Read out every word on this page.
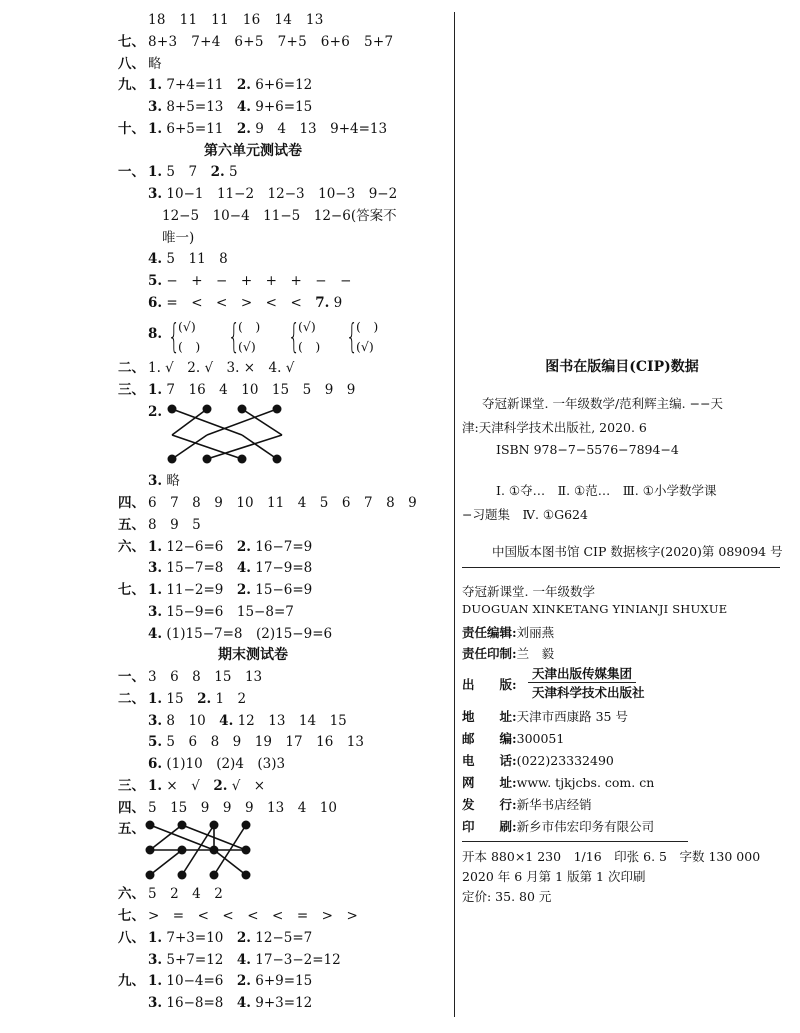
18　11　11　16　14　13
七、 8+3　7+4　6+5　7+5　6+6　5+7
八、 略
九、 1. 7+4=11　 2. 6+6=12
3. 8+5=13　 4. 9+6=15
十、 1. 6+5=11　 2. 9　4　13　9+4=13
第六单元测试卷
一、 1. 5　7　 2. 5
3. 10−1　11−2　12−3　10−3　9−2
12−5　10−4　11−5　12−6(答案不
唯一)
4. 5　11　8
5. −　+　−　+　+　+　−　−
6. =　<　<　>　<　<　 7. 9
8. {
(√)
(　) {
(　)
(√) {
(√)
(　) {
(　)
(√)
二、 1. √　2. √　3. ×　4. √
三、 1. 7　16　4　10　15　5　9　9
2.
3. 略
四、 6　7　8　9　10　11　4　5　6　7　8　9
五、 8　9　5
六、 1. 12−6=6　 2. 16−7=9
3. 15−7=8　 4. 17−9=8
七、 1. 11−2=9　 2. 15−6=9
3. 15−9=6　15−8=7
4. (1)15−7=8　(2)15−9=6
期末测试卷
一、 3　6　8　15　13
二、 1. 15　 2. 1　2
3. 8　10　 4. 12　13　14　15
5. 5　6　8　9　19　17　16　13
6. (1)10　(2)4　(3)3
三、 1. ×　√　 2. √　×
四、 5　15　9　9　9　13　4　10
五、
六、 5　2　4　2
七、 >　=　<　<　<　<　=　>　>
八、 1. 7+3=10　 2. 12−5=7
3. 5+7=12　 4. 17−3−2=12
九、 1. 10−4=6　 2. 6+9=15
3. 16−8=8　 4. 9+3=12
图书在版编目(CIP)数据
夺冠新课堂. 一年级数学/范利辉主编. −−天
津:天津科学技术出版社, 2020. 6
ISBN 978−7−5576−7894−4
Ⅰ. ①夺…　Ⅱ. ①范…　Ⅲ. ①小学数学课
−习题集　Ⅳ. ①G624
中国版本图书馆 CIP 数据核字(2020)第 089094 号
夺冠新课堂. 一年级数学
DUOGUAN XINKETANG YINIANJI SHUXUE
责任编辑:刘丽燕
责任印制:兰　毅
出　　版:
天津出版传媒集团
天津科学技术出版社
地　　址:天津市西康路 35 号
邮　　编:300051
电　　话:(022)23332490
网　　址:www. tjkjcbs. com. cn
发　　行:新华书店经销
印　　刷:新乡市伟宏印务有限公司
开本 880×1 230　1/16　印张 6. 5　字数 130 000
2020 年 6 月第 1 版第 1 次印刷
定价: 35. 80 元
